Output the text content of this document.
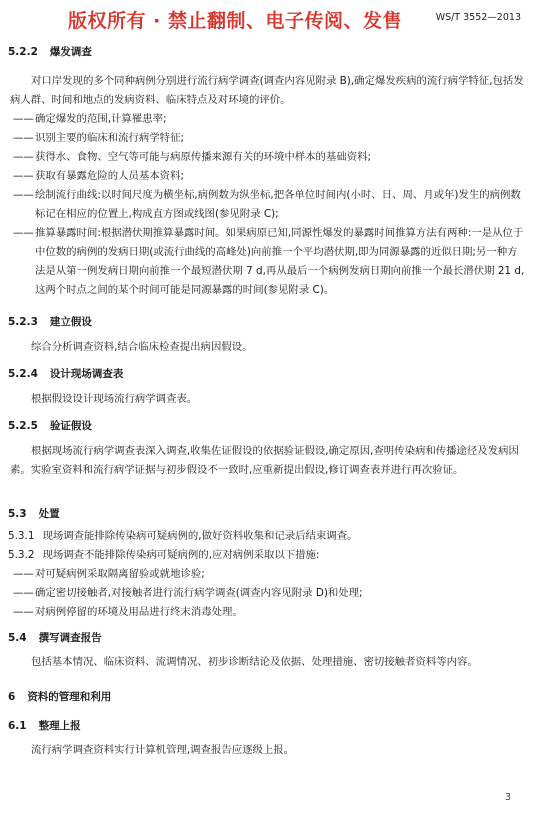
版权所有 · 禁止翻制、电子传阅、发售	WS/T 3552—2013
5.2.2 爆发调查
对口岸发现的多个同种病例分别进行流行病学调查(调查内容见附录 B),确定爆发疾病的流行病学特征,包括发病人群、时间和地点的发病资料、临床特点及对环境的评价。
——确定爆发的范围,计算罹患率;
——识别主要的临床和流行病学特征;
——获得水、食物、空气等可能与病原传播来源有关的环境中样本的基础资料;
——获取有暴露危险的人员基本资料;
——绘制流行曲线:以时间尺度为横坐标,病例数为纵坐标,把各单位时间内(小时、日、周、月或年)发生的病例数标记在相应的位置上,构成直方图或线图(参见附录 C);
——推算暴露时间:根据潜伏期推算暴露时间。如果病原已知,同源性爆发的暴露时间推算方法有两种:一是从位于中位数的病例的发病日期(或流行曲线的高峰处)向前推一个平均潜伏期,即为同源暴露的近似日期;另一种方法是从第一例发病日期向前推一个最短潜伏期 7 d,再从最后一个病例发病日期向前推一个最长潜伏期 21 d,这两个时点之间的某个时间可能是同源暴露的时间(参见附录 C)。
5.2.3 建立假设
综合分析调查资料,结合临床检查提出病因假设。
5.2.4 设计现场调查表
根据假设设计现场流行病学调查表。
5.2.5 验证假设
根据现场流行病学调查表深入调查,收集佐证假设的依据验证假设,确定原因,查明传染病和传播途径及发病因素。实验室资料和流行病学证据与初步假设不一致时,应重新提出假设,修订调查表并进行再次验证。
5.3 处置
5.3.1 现场调查能排除传染病可疑病例的,做好资料收集和记录后结束调查。
5.3.2 现场调查不能排除传染病可疑病例的,应对病例采取以下措施:
——对可疑病例采取隔离留验或就地诊验;
——确定密切接触者,对接触者进行流行病学调查(调查内容见附录 D)和处理;
——对病例停留的环境及用品进行终末消毒处理。
5.4 撰写调查报告
包括基本情况、临床资料、流调情况、初步诊断结论及依据、处理措施、密切接触者资料等内容。
6 资料的管理和利用
6.1 整理上报
流行病学调查资料实行计算机管理,调查报告应逐级上报。
3
